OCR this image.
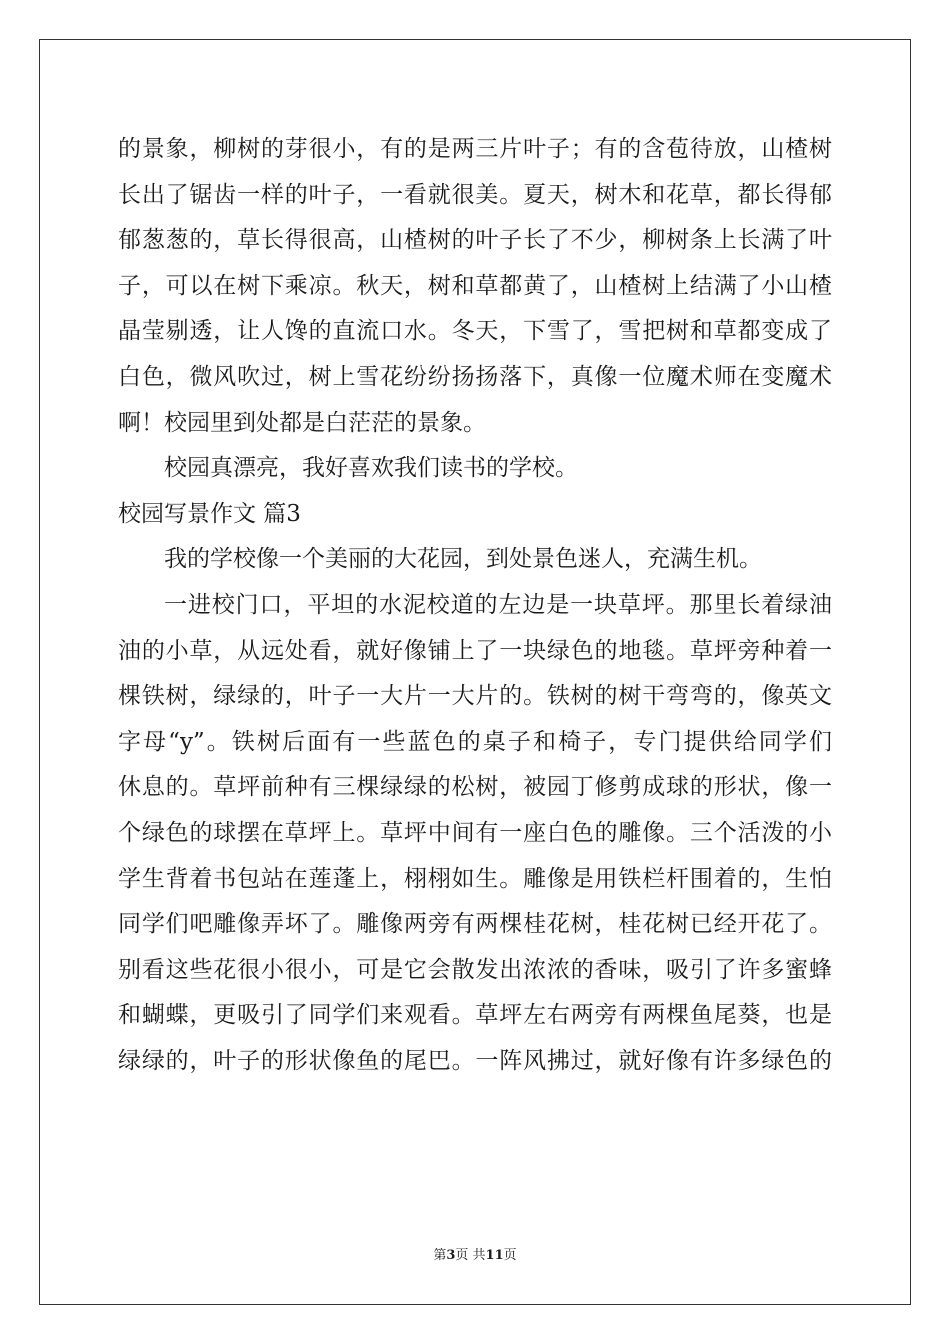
的景象，柳树的芽很小，有的是两三片叶子；有的含苞待放，山楂树
长出了锯齿一样的叶子，一看就很美。夏天，树木和花草，都长得郁
郁葱葱的，草长得很高，山楂树的叶子长了不少，柳树条上长满了叶
子，可以在树下乘凉。秋天，树和草都黄了，山楂树上结满了小山楂
晶莹剔透，让人馋的直流口水。冬天，下雪了，雪把树和草都变成了
白色，微风吹过，树上雪花纷纷扬扬落下，真像一位魔术师在变魔术
啊！校园里到处都是白茫茫的景象。
校园真漂亮，我好喜欢我们读书的学校。
校园写景作文 篇3
我的学校像一个美丽的大花园，到处景色迷人，充满生机。
一进校门口，平坦的水泥校道的左边是一块草坪。那里长着绿油
油的小草，从远处看，就好像铺上了一块绿色的地毯。草坪旁种着一
棵铁树，绿绿的，叶子一大片一大片的。铁树的树干弯弯的，像英文
字母“y”。铁树后面有一些蓝色的桌子和椅子，专门提供给同学们
休息的。草坪前种有三棵绿绿的松树，被园丁修剪成球的形状，像一
个绿色的球摆在草坪上。草坪中间有一座白色的雕像。三个活泼的小
学生背着书包站在莲蓬上，栩栩如生。雕像是用铁栏杆围着的，生怕
同学们吧雕像弄坏了。雕像两旁有两棵桂花树，桂花树已经开花了。
别看这些花很小很小，可是它会散发出浓浓的香味，吸引了许多蜜蜂
和蝴蝶，更吸引了同学们来观看。草坪左右两旁有两棵鱼尾葵，也是
绿绿的，叶子的形状像鱼的尾巴。一阵风拂过，就好像有许多绿色的
第3页 共11页
